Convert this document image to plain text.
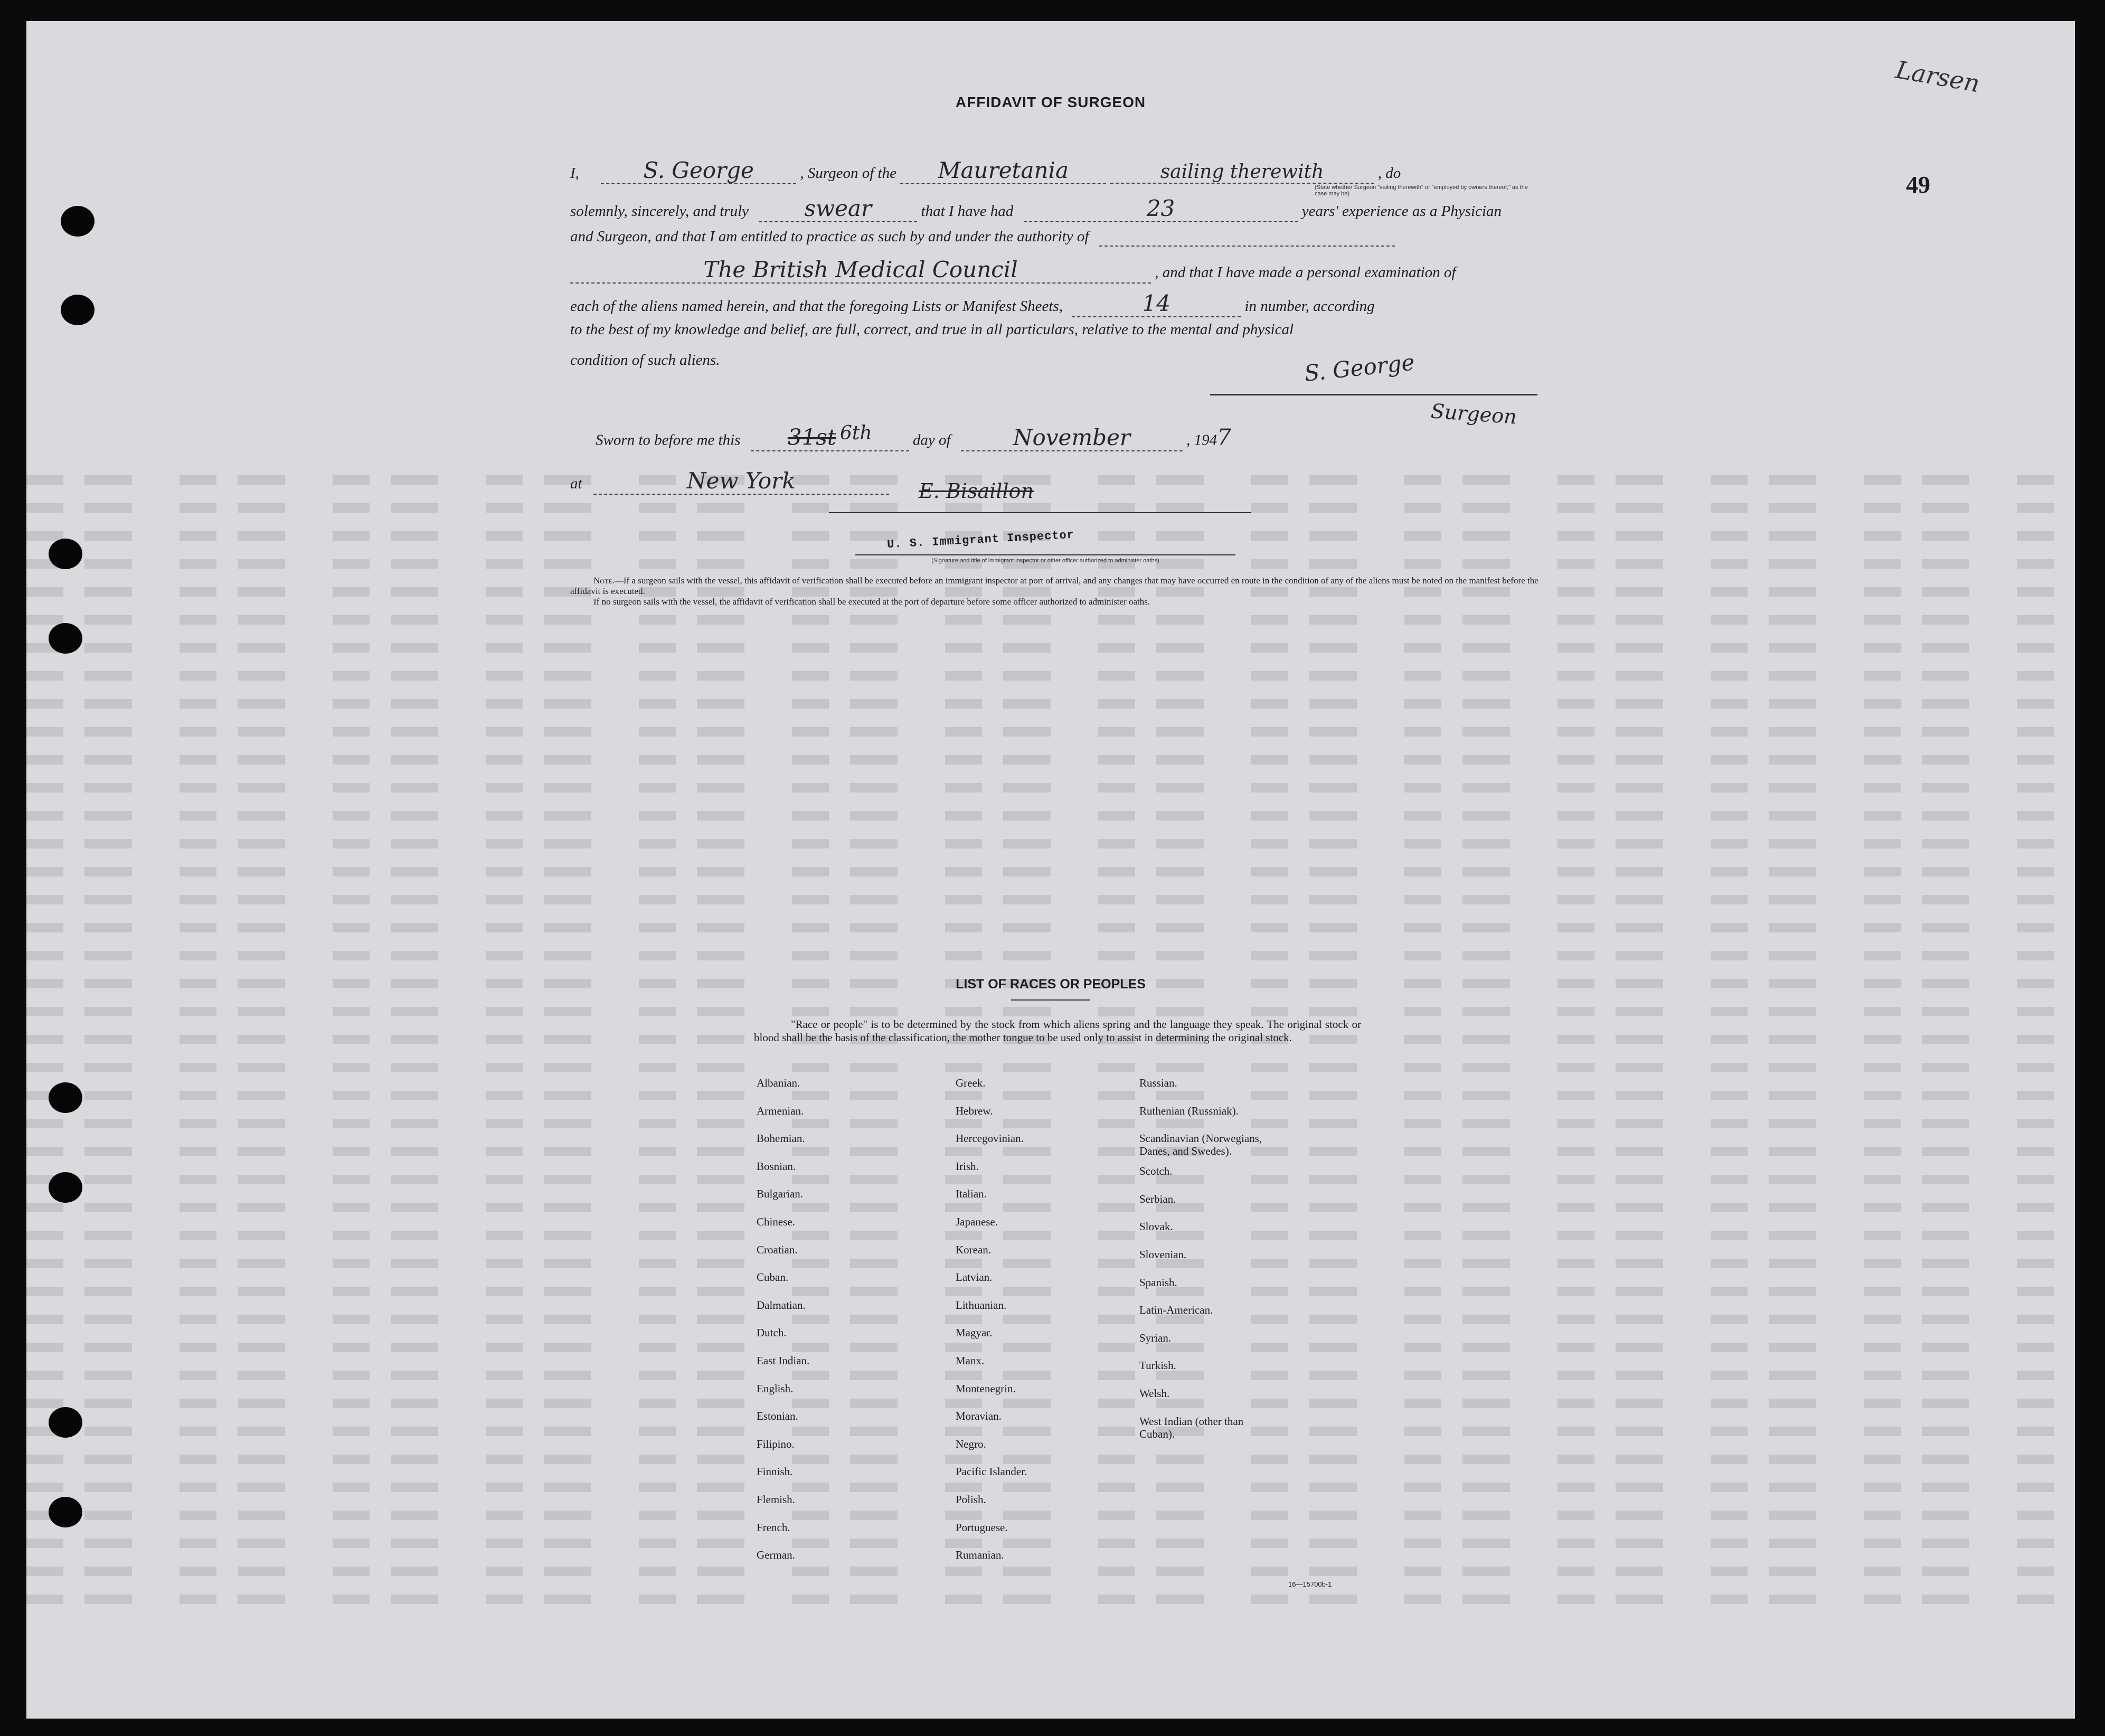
Larsen
49
AFFIDAVIT OF SURGEON
I,	S. George	, Surgeon of the Mauretania	sailing therewith	, do
(State whether Surgeon "sailing therewith" or "employed by owners thereof," as the case may be)
solemnly, sincerely, and truly	swear	that I have had	23	years' experience as a Physician
and Surgeon, and that I am entitled to practice as such by and under the authority of
The British Medical Council	, and that I have made a personal examination of
each of the aliens named herein, and that the foregoing Lists or Manifest Sheets,	14	in number, according
to the best of my knowledge and belief, are full, correct, and true in all particulars, relative to the mental and physical
condition of such aliens.	S. George
Surgeon
Sworn to before me this 31st 6th	day of	November	, 1947
at	New York	E. Bisaillon
U. S. Immigrant Inspector
(Signature and title of immigrant inspector or other officer authorized to administer oaths)
Note.—If a surgeon sails with the vessel, this affidavit of verification shall be executed before an immigrant inspector at port of arrival, and any changes that may have occurred en route in the condition of any of the aliens must be noted on the manifest before the affidavit is executed.
If no surgeon sails with the vessel, the affidavit of verification shall be executed at the port of departure before some officer authorized to administer oaths.
LIST OF RACES OR PEOPLES
"Race or people" is to be determined by the stock from which aliens spring and the language they speak. The original stock or blood shall be the basis of the classification, the mother tongue to be used only to assist in determining the original stock.
Albanian.
Armenian.
Bohemian.
Bosnian.
Bulgarian.
Chinese.
Croatian.
Cuban.
Dalmatian.
Dutch.
East Indian.
English.
Estonian.
Filipino.
Finnish.
Flemish.
French.
German.
Greek.
Hebrew.
Hercegovinian.
Irish.
Italian.
Japanese.
Korean.
Latvian.
Lithuanian.
Magyar.
Manx.
Montenegrin.
Moravian.
Negro.
Pacific Islander.
Polish.
Portuguese.
Rumanian.
Russian.
Ruthenian (Russniak).
Scandinavian (Norwegians,
Danes, and Swedes).
Scotch.
Serbian.
Slovak.
Slovenian.
Spanish.
Latin-American.
Syrian.
Turkish.
Welsh.
West Indian (other than
Cuban).
16—15700b-1
